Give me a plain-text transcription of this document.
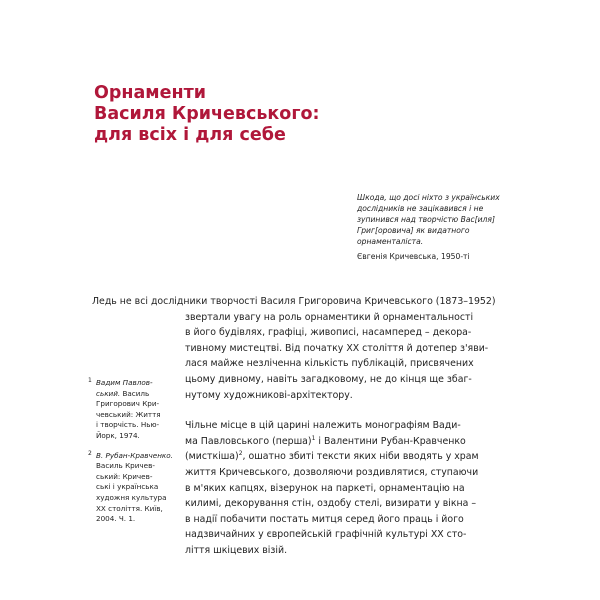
Орнаменти
Василя Кричевського:
для всіх і для себе
Шкода, що досі ніхто з українських
дослідників не зацікавився і не
зупинився над творчістю Вас[иля]
Григ[оровича] як видатного
орнаменталіста.
Євгенія Кричевська, 1950-ті
Ледь не всі дослідники творчості Василя Григоровича Кричевського (1873–1952)
звертали увагу на роль орнаментики й орнаментальності
в його будівлях, графіці, живописі, насамперед – декора-
тивному мистецтві. Від початку ХХ століття й дотепер з'яви-
лася майже незліченна кількість публікацій, присвячених
цьому дивному, навіть загадковому, не до кінця ще збаг-
нутому художникові-архітектору.
Чільне місце в цій царині належить монографіям Вади-
ма Павловського (перша)$^1$ і Валентини Рубан-Кравченко
(мисткіша)$^2$, ошатно збиті тексти яких ніби вводять у храм
життя Кричевського, дозволяючи роздивлятися, ступаючи
в м'яких капцях, візерунок на паркеті, орнаментацію на
килимі, декорування стін, оздобу стелі, визирати у вікна –
в надії побачити постать митця серед його праць і його
надзвичайних у європейській графічній культурі ХХ сто-
ліття шкіцевих візій.
1 Вадим Павлов-
ський. Василь
Григорович Кри-
чевський: Життя
і творчість. Нью-
Йорк, 1974.
2 В. Рубан-Кравченко.
Василь Кричев-
ський: Кричев-
ські і українська
художня культура
ХХ століття. Київ,
2004. Ч. 1.
